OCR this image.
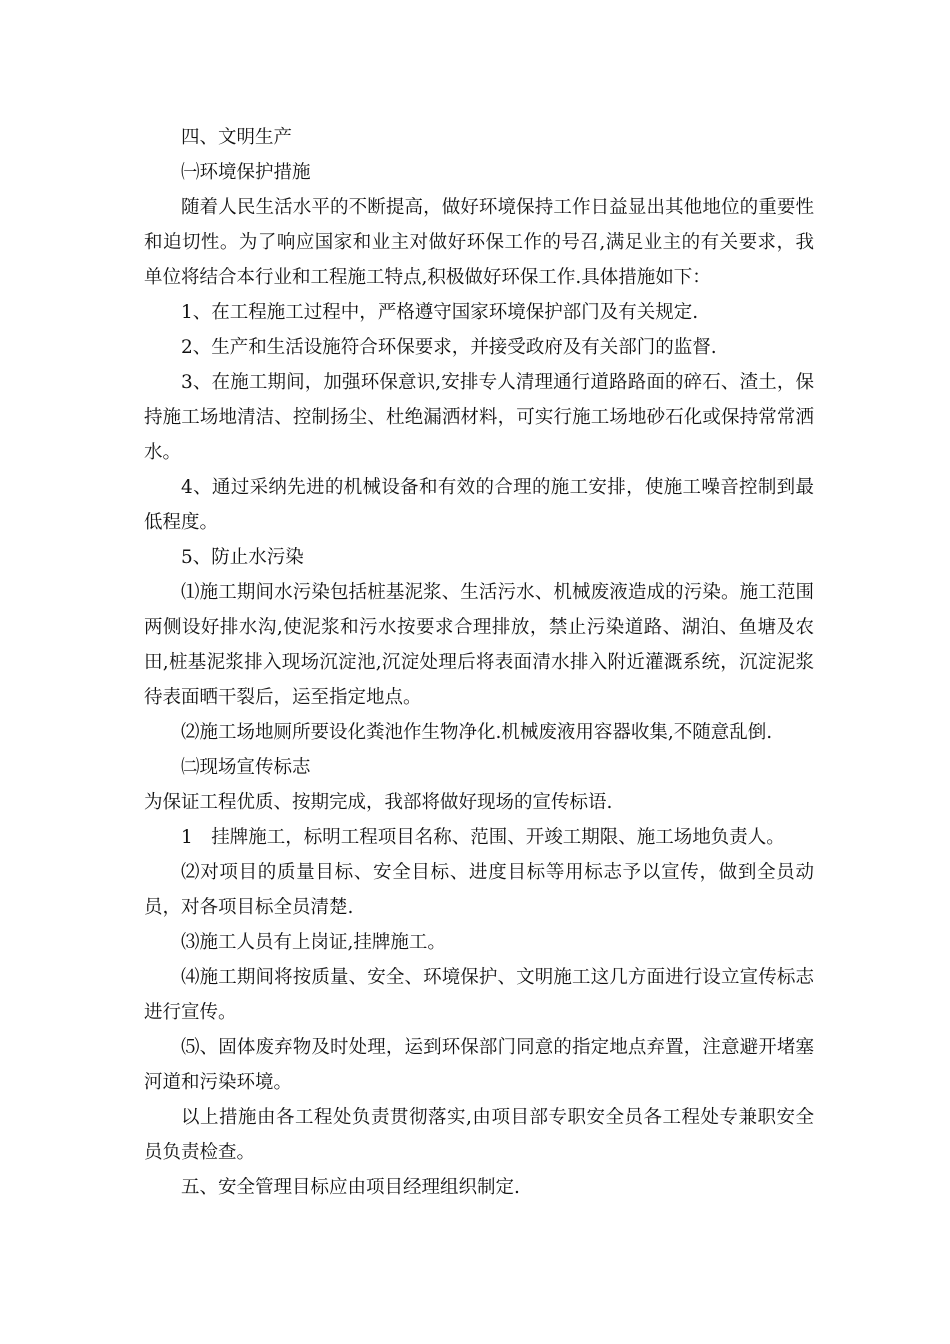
四、文明生产

㈠环境保护措施

随着人民生活水平的不断提高，做好环境保持工作日益显出其他地位的重要性和迫切性。为了响应国家和业主对做好环保工作的号召,满足业主的有关要求，我单位将结合本行业和工程施工特点,积极做好环保工作.具体措施如下：

1、在工程施工过程中，严格遵守国家环境保护部门及有关规定.

2、生产和生活设施符合环保要求，并接受政府及有关部门的监督.

3、在施工期间，加强环保意识,安排专人清理通行道路路面的碎石、渣土，保持施工场地清洁、控制扬尘、杜绝漏洒材料，可实行施工场地砂石化或保持常常洒水。

4、通过采纳先进的机械设备和有效的合理的施工安排，使施工噪音控制到最低程度。

5、防止水污染

⑴施工期间水污染包括桩基泥浆、生活污水、机械废液造成的污染。施工范围两侧设好排水沟,使泥浆和污水按要求合理排放，禁止污染道路、湖泊、鱼塘及农田,桩基泥浆排入现场沉淀池,沉淀处理后将表面清水排入附近灌溉系统，沉淀泥浆待表面晒干裂后，运至指定地点。

⑵施工场地厕所要设化粪池作生物净化.机械废液用容器收集,不随意乱倒.

㈡现场宣传标志

为保证工程优质、按期完成，我部将做好现场的宣传标语.

1　挂牌施工，标明工程项目名称、范围、开竣工期限、施工场地负责人。

⑵对项目的质量目标、安全目标、进度目标等用标志予以宣传，做到全员动员，对各项目标全员清楚.

⑶施工人员有上岗证,挂牌施工。

⑷施工期间将按质量、安全、环境保护、文明施工这几方面进行设立宣传标志进行宣传。

⑸、固体废弃物及时处理，运到环保部门同意的指定地点弃置，注意避开堵塞河道和污染环境。

以上措施由各工程处负责贯彻落实,由项目部专职安全员各工程处专兼职安全员负责检查。

五、安全管理目标应由项目经理组织制定.
